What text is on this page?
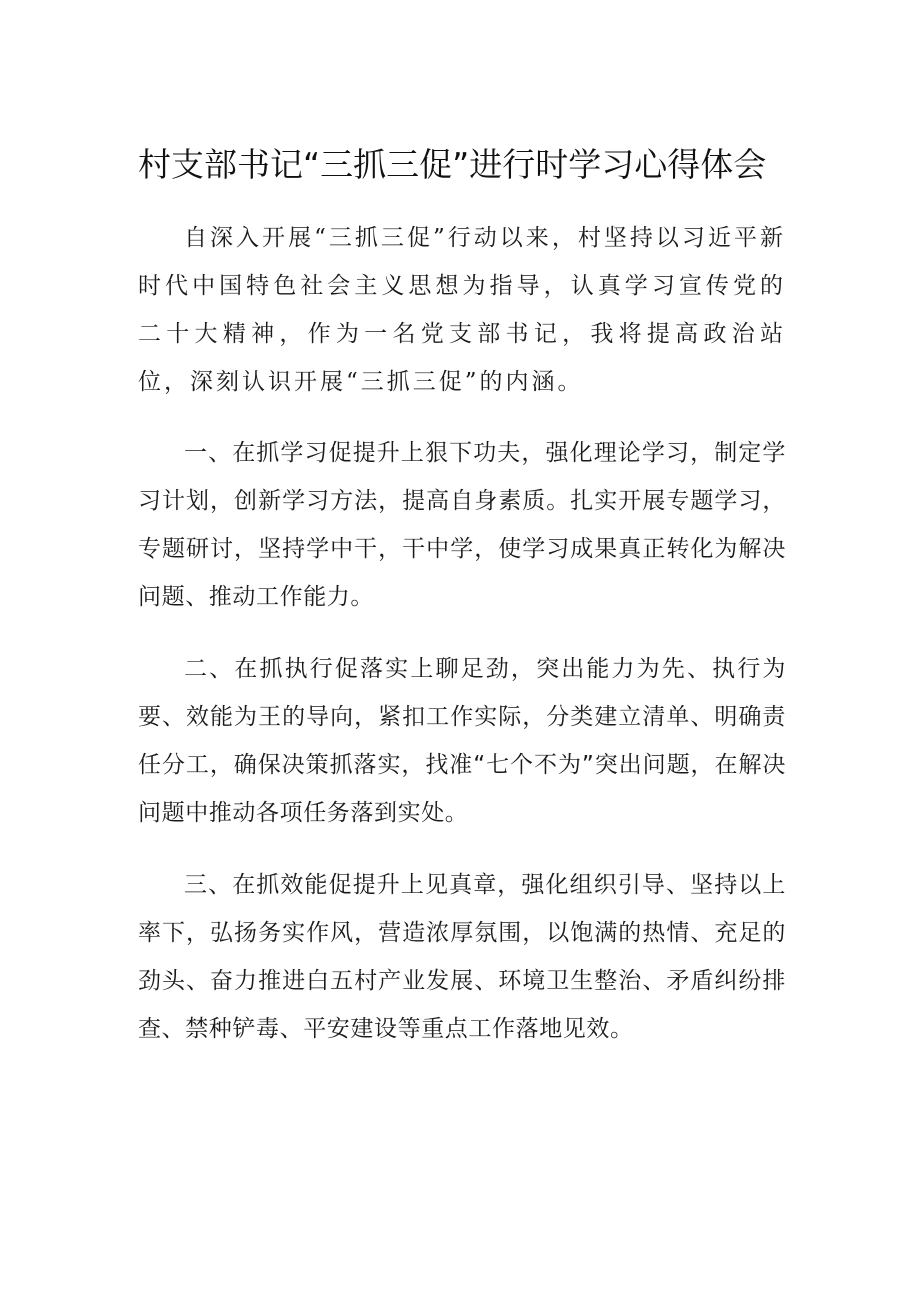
村支部书记“三抓三促”进行时学习心得体会

自深入开展“三抓三促”行动以来，村坚持以习近平新时代中国特色社会主义思想为指导，认真学习宣传党的二十大精神，作为一名党支部书记，我将提高政治站位，深刻认识开展“三抓三促”的内涵。

一、在抓学习促提升上狠下功夫，强化理论学习，制定学习计划，创新学习方法，提高自身素质。扎实开展专题学习，专题研讨，坚持学中干，干中学，使学习成果真正转化为解决问题、推动工作能力。

二、在抓执行促落实上聊足劲，突出能力为先、执行为要、效能为王的导向，紧扣工作实际，分类建立清单、明确责任分工，确保决策抓落实，找准“七个不为”突出问题，在解决问题中推动各项任务落到实处。

三、在抓效能促提升上见真章，强化组织引导、坚持以上率下，弘扬务实作风，营造浓厚氛围，以饱满的热情、充足的劲头、奋力推进白五村产业发展、环境卫生整治、矛盾纠纷排查、禁种铲毒、平安建设等重点工作落地见效。
